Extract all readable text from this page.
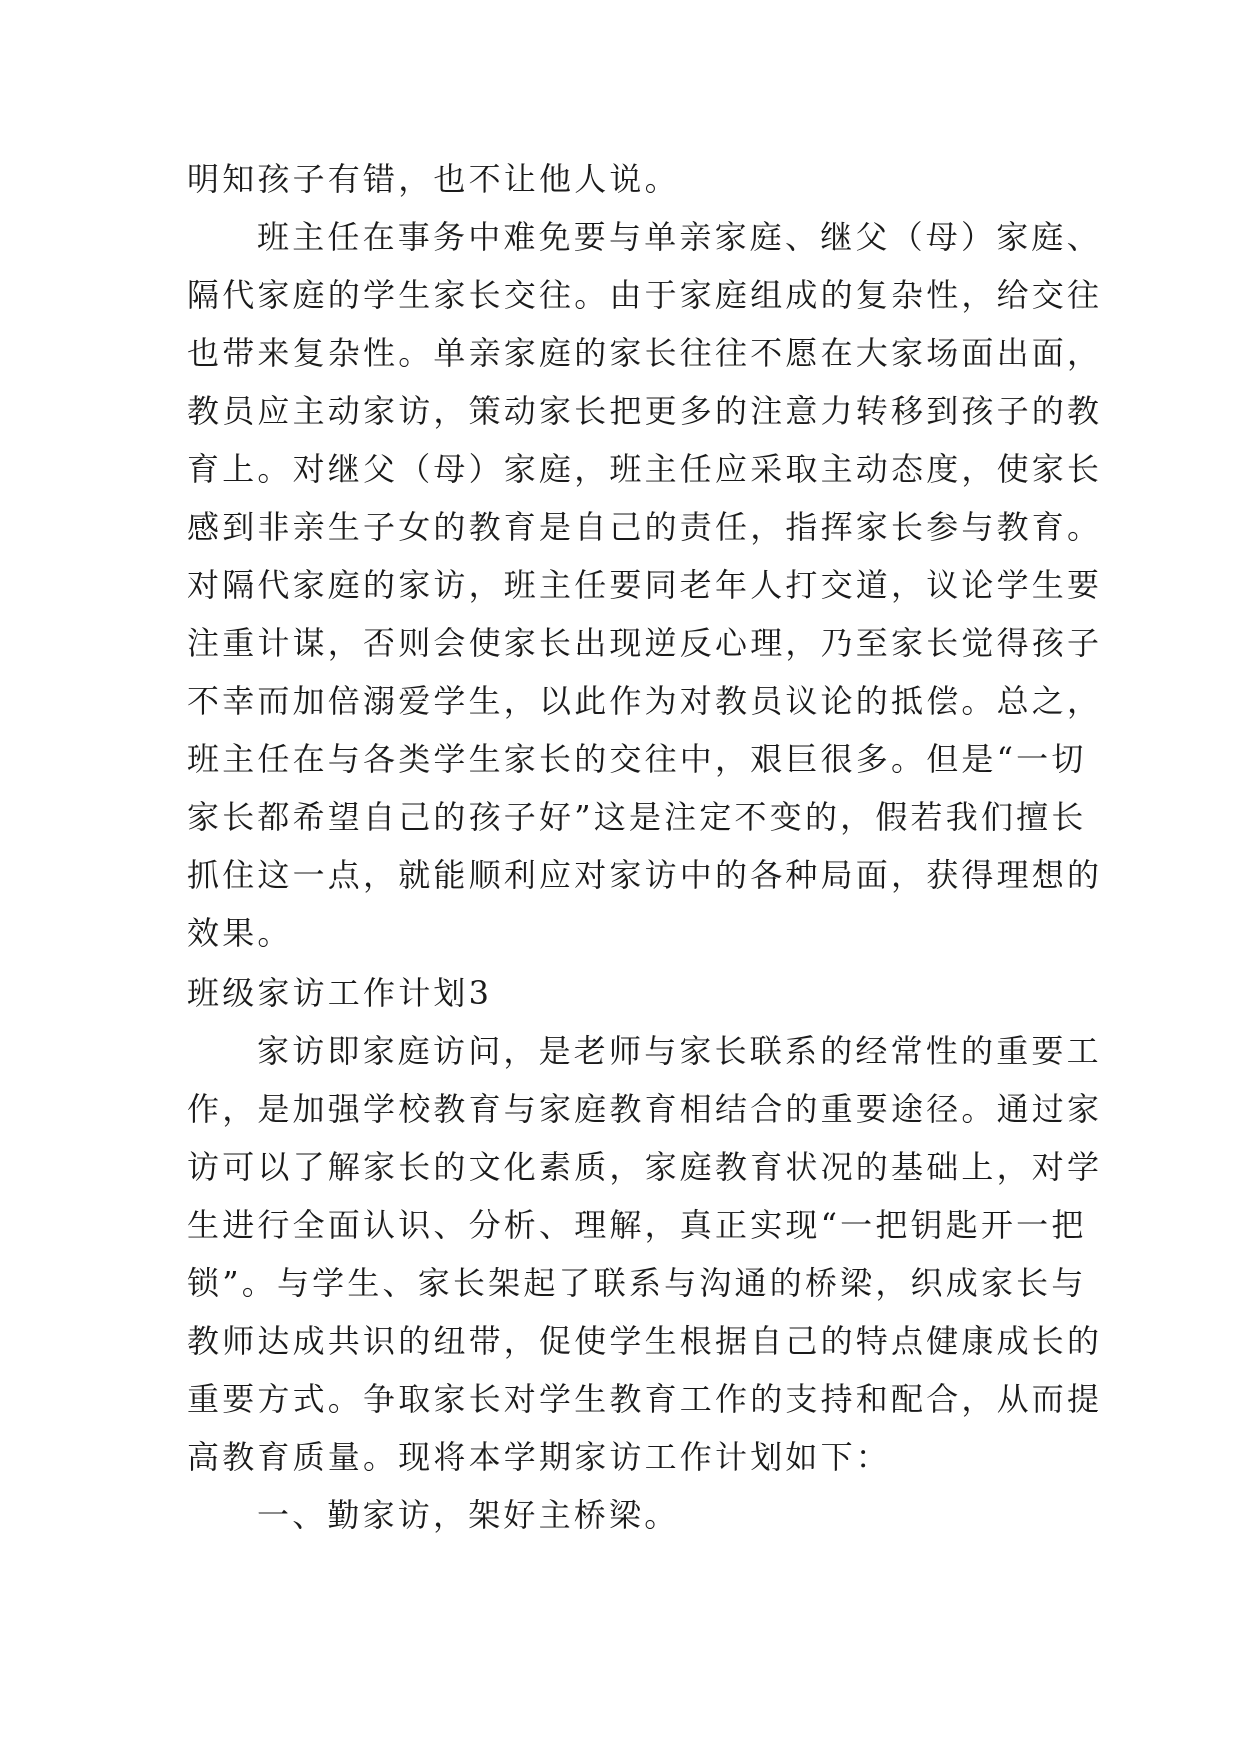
明知孩子有错，也不让他人说。
班主任在事务中难免要与单亲家庭、继父（母）家庭、
隔代家庭的学生家长交往。由于家庭组成的复杂性，给交往
也带来复杂性。单亲家庭的家长往往不愿在大家场面出面，
教员应主动家访，策动家长把更多的注意力转移到孩子的教
育上。对继父（母）家庭，班主任应采取主动态度，使家长
感到非亲生子女的教育是自己的责任，指挥家长参与教育。
对隔代家庭的家访，班主任要同老年人打交道，议论学生要
注重计谋，否则会使家长出现逆反心理，乃至家长觉得孩子
不幸而加倍溺爱学生，以此作为对教员议论的抵偿。总之，
班主任在与各类学生家长的交往中，艰巨很多。但是“一切
家长都希望自己的孩子好”这是注定不变的，假若我们擅长
抓住这一点，就能顺利应对家访中的各种局面，获得理想的
效果。
班级家访工作计划3
家访即家庭访问，是老师与家长联系的经常性的重要工
作，是加强学校教育与家庭教育相结合的重要途径。通过家
访可以了解家长的文化素质，家庭教育状况的基础上，对学
生进行全面认识、分析、理解，真正实现“一把钥匙开一把
锁”。与学生、家长架起了联系与沟通的桥梁，织成家长与
教师达成共识的纽带，促使学生根据自己的特点健康成长的
重要方式。争取家长对学生教育工作的支持和配合，从而提
高教育质量。现将本学期家访工作计划如下：
一、勤家访，架好主桥梁。
